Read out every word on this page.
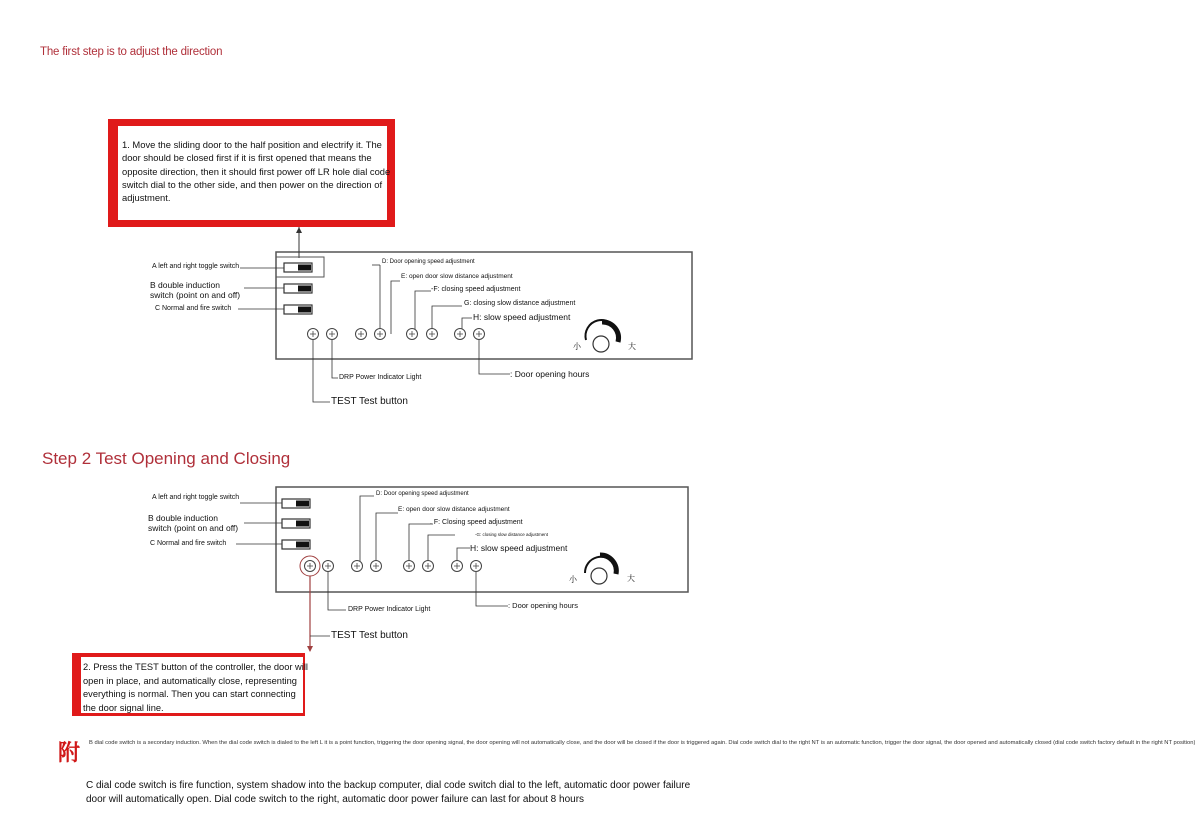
The first step is to adjust the direction
1. Move the sliding door to the half position and electrify it. The door should be closed first if it is first opened that means the opposite direction, then it should first power off LR hole dial code switch dial to the other side, and then power on the direction of adjustment.
A left and right toggle switch
B double induction
switch (point on and off)
C Normal and fire switch
D: Door opening speed adjustment
E: open door slow distance adjustment
-F: closing speed adjustment
G: closing slow distance adjustment
H: slow speed adjustment
DRP Power Indicator Light
TEST Test button
: Door opening hours
小	大
Step 2 Test Opening and Closing
A left and right toggle switch
B double induction
switch (point on and off)
C Normal and fire switch
D: Door opening speed adjustment
E: open door slow distance adjustment
. F: Closing speed adjustment
-G: closing slow distance adjustment
H: slow speed adjustment
DRP Power Indicator Light
TEST Test button
: Door opening hours
小	大
2. Press the TEST button of the controller, the door will open in place, and automatically close, representing everything is normal. Then you can start connecting the door signal line.
附 B dial code switch is a secondary induction. When the dial code switch is dialed to the left L it is a point function, triggering the door opening signal, the door opening will not automatically close, and the door will be closed if the door is triggered again. Dial code switch dial to the right NT is an automatic function, trigger the door signal, the door opened and automatically closed (dial code switch factory default in the right NT position)
C dial code switch is fire function, system shadow into the backup computer, dial code switch dial to the left, automatic door power failure door will automatically open. Dial code switch to the right, automatic door power failure can last for about 8 hours
